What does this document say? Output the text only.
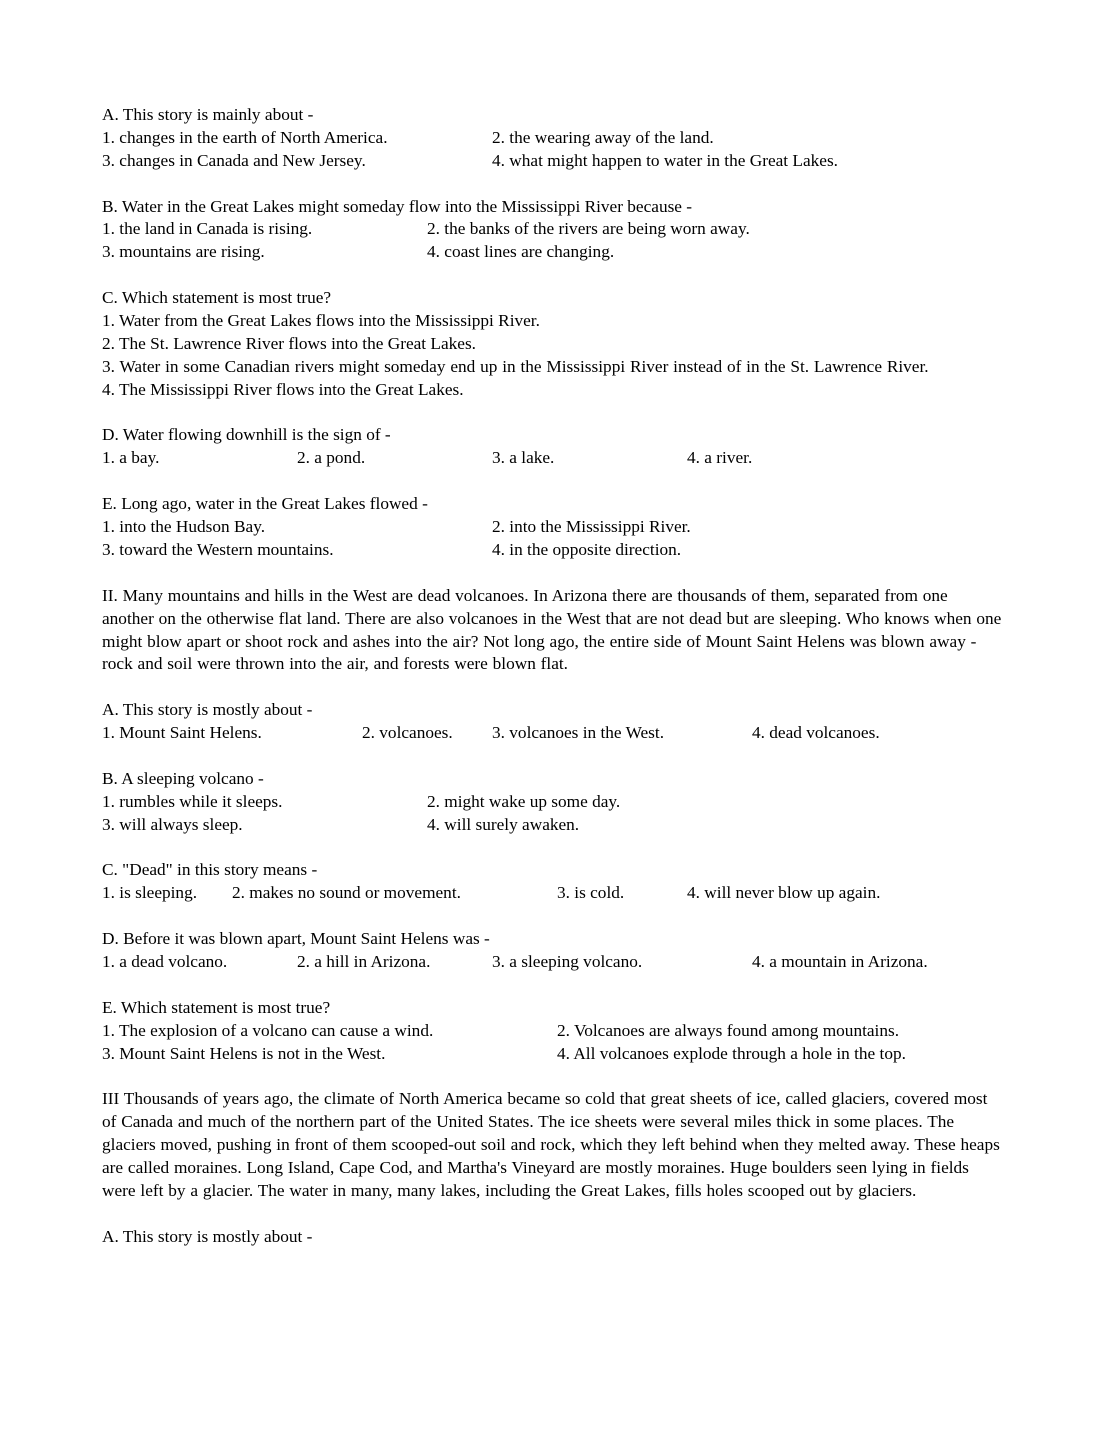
A. This story is mainly about -
1. changes in the earth of North America.	2. the wearing away of the land.
3. changes in Canada and New Jersey.	4. what might happen to water in the Great Lakes.
B. Water in the Great Lakes might someday flow into the Mississippi River because -
1. the land in Canada is rising.	2. the banks of the rivers are being worn away.
3. mountains are rising.	4. coast lines are changing.
C. Which statement is most true?
1. Water from the Great Lakes flows into the Mississippi River.
2. The St. Lawrence River flows into the Great Lakes.
3. Water in some Canadian rivers might someday end up in the Mississippi River instead of in the St. Lawrence River.
4. The Mississippi River flows into the Great Lakes.
D. Water flowing downhill is the sign of -
1. a bay.	2. a pond.	3. a lake.	4. a river.
E. Long ago, water in the Great Lakes flowed -
1. into the Hudson Bay.	2. into the Mississippi River.
3. toward the Western mountains.	4. in the opposite direction.
II. Many mountains and hills in the West are dead volcanoes. In Arizona there are thousands of them, separated from one another on the otherwise flat land. There are also volcanoes in the West that are not dead but are sleeping. Who knows when one might blow apart or shoot rock and ashes into the air? Not long ago, the entire side of Mount Saint Helens was blown away - rock and soil were thrown into the air, and forests were blown flat.
A. This story is mostly about -
1. Mount Saint Helens.	2. volcanoes. 3. volcanoes in the West.	4. dead volcanoes.
B. A sleeping volcano -
1. rumbles while it sleeps.	2. might wake up some day.
3. will always sleep.	4. will surely awaken.
C. "Dead" in this story means -
1. is sleeping. 2. makes no sound or movement.	3. is cold.	4. will never blow up again.
D. Before it was blown apart, Mount Saint Helens was -
1. a dead volcano.	2. a hill in Arizona.	3. a sleeping volcano.	4. a mountain in Arizona.
E. Which statement is most true?
1. The explosion of a volcano can cause a wind.	2. Volcanoes are always found among mountains.
3. Mount Saint Helens is not in the West.	4. All volcanoes explode through a hole in the top.
III Thousands of years ago, the climate of North America became so cold that great sheets of ice, called glaciers, covered most of Canada and much of the northern part of the United States. The ice sheets were several miles thick in some places. The glaciers moved, pushing in front of them scooped-out soil and rock, which they left behind when they melted away. These heaps are called moraines. Long Island, Cape Cod, and Martha's Vineyard are mostly moraines. Huge boulders seen lying in fields were left by a glacier. The water in many, many lakes, including the Great Lakes, fills holes scooped out by glaciers.
A. This story is mostly about -
